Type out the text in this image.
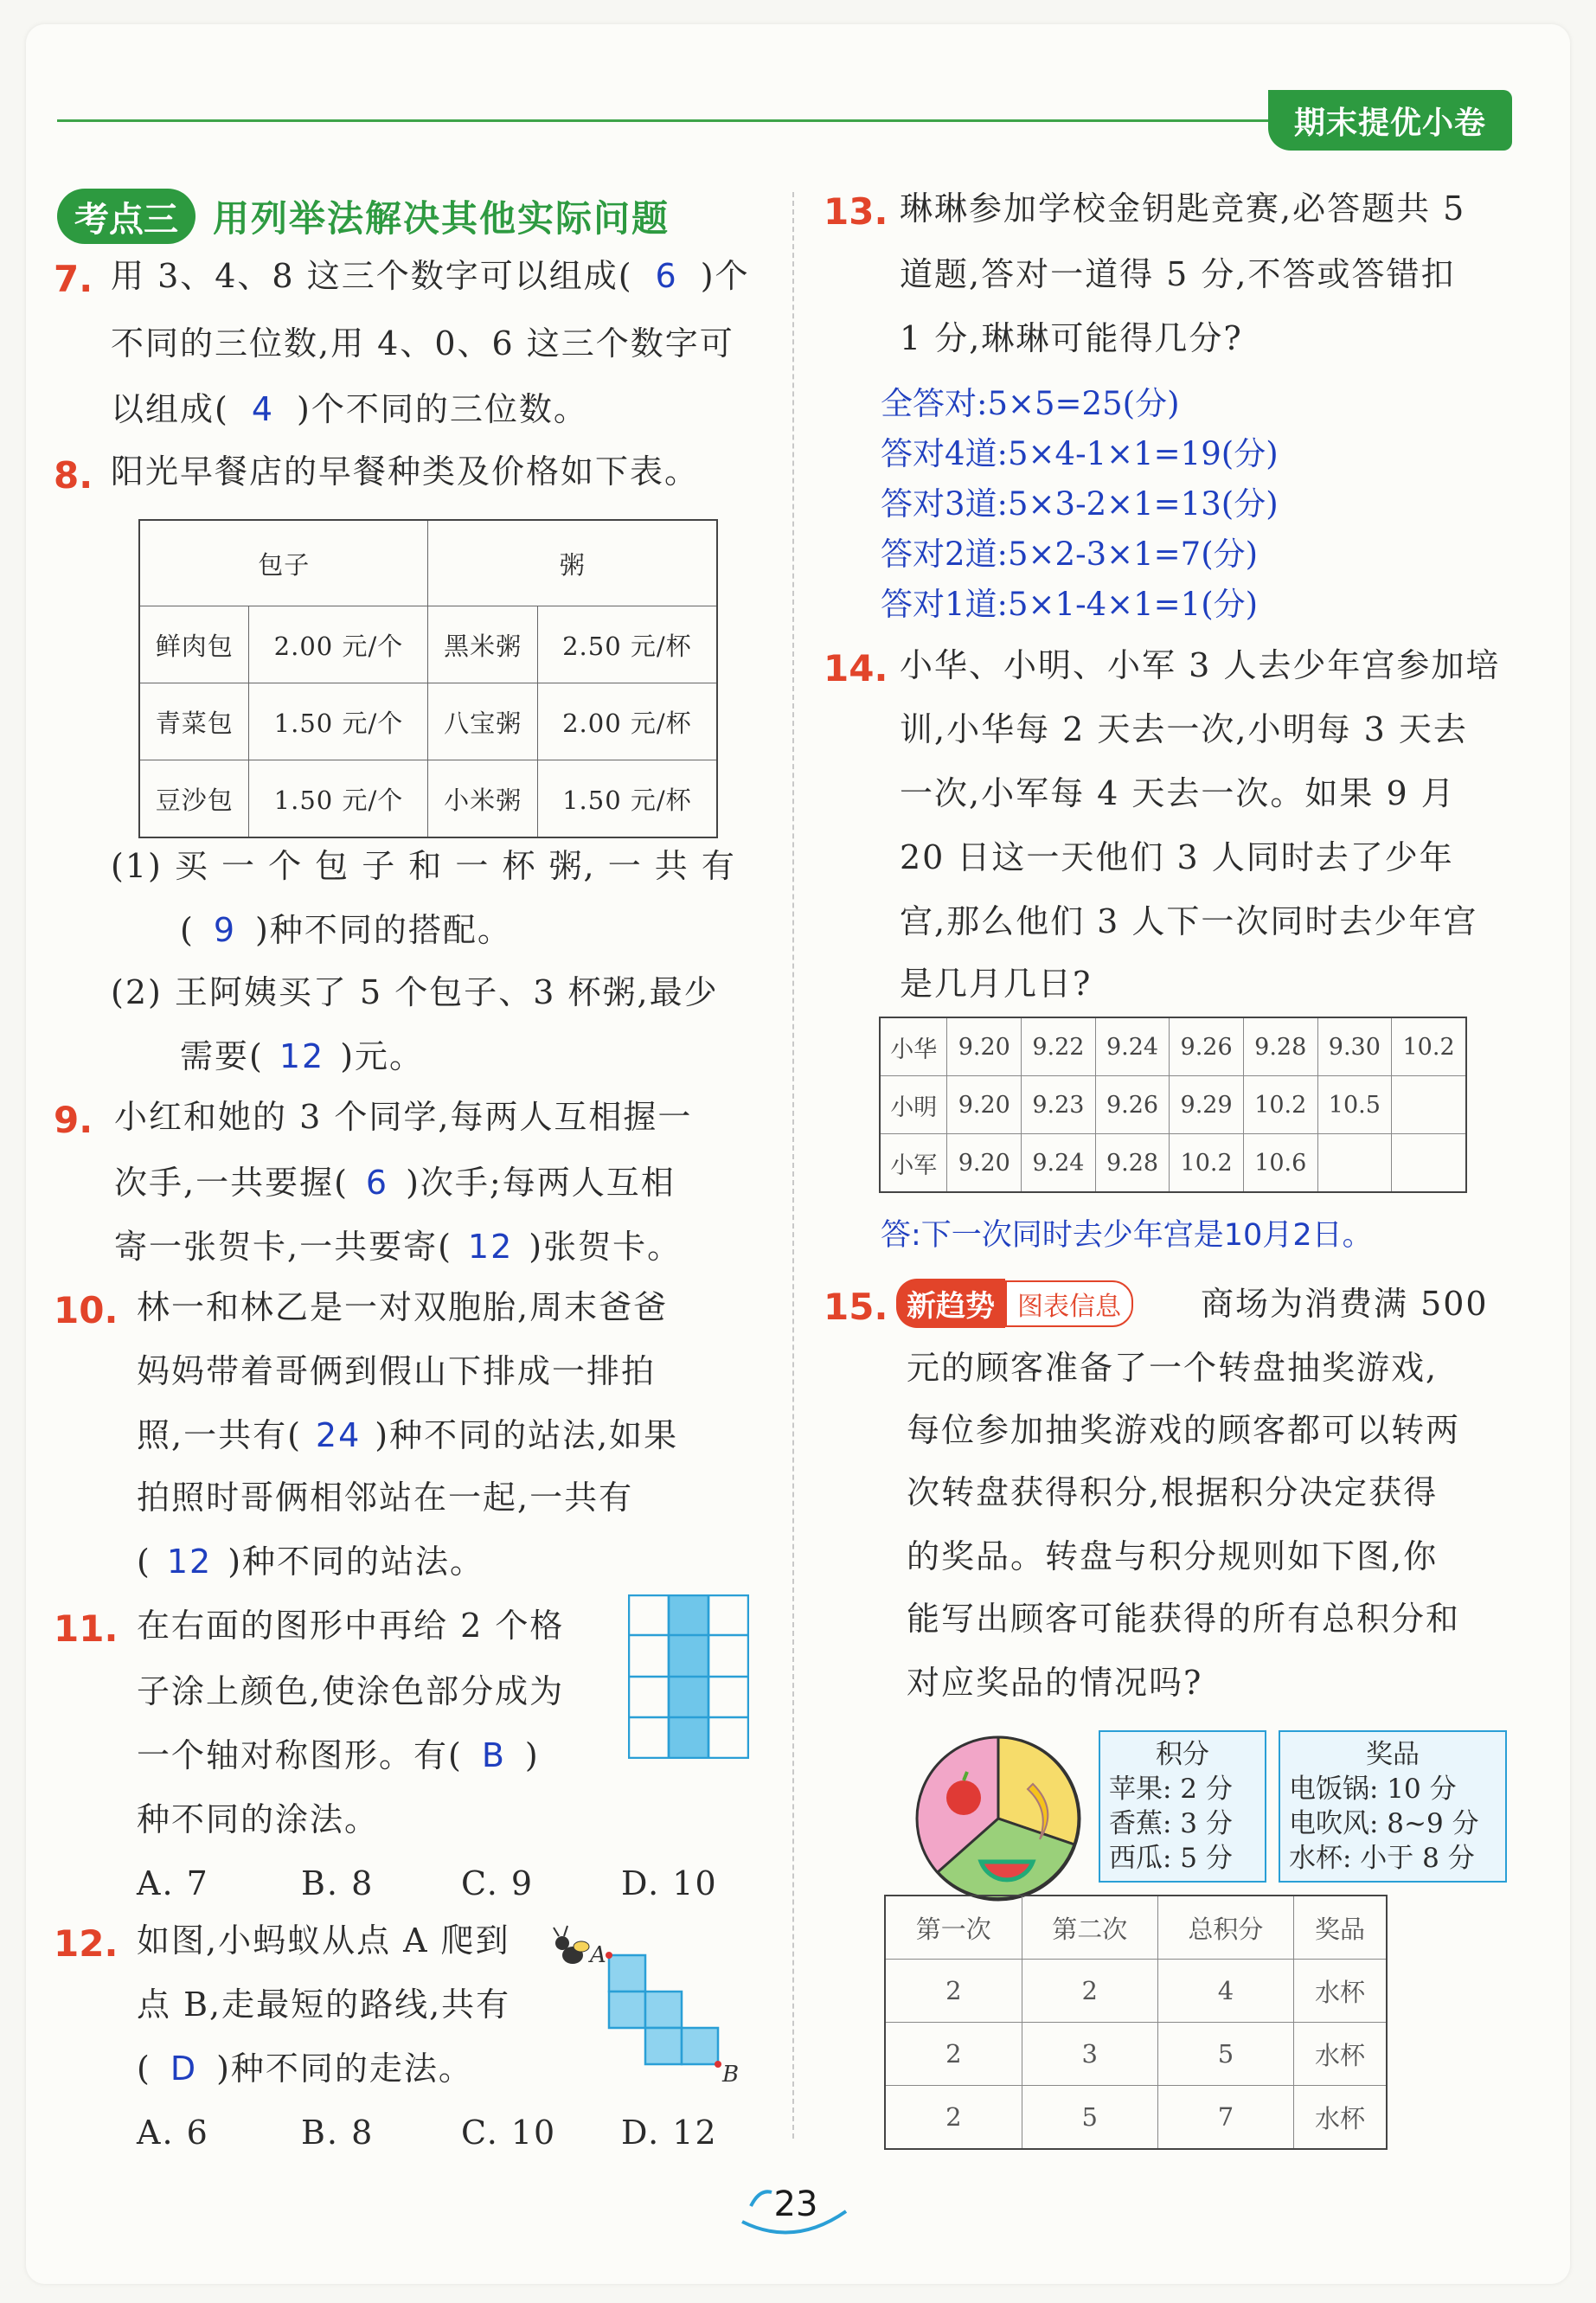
期末提优小卷
考点三 用列举法解决其他实际问题
7. 用 3、4、8 这三个数字可以组成( 6 )个
不同的三位数,用 4、0、6 这三个数字可
以组成( 4 )个不同的三位数。
8. 阳光早餐店的早餐种类及价格如下表。
包子		粥	
鲜肉包	2.00 元/个	黑米粥	2.50 元/杯
青菜包	1.50 元/个	八宝粥	2.00 元/杯
豆沙包	1.50 元/个	小米粥	1.50 元/杯
(1) 买 一 个 包 子 和 一 杯 粥, 一 共 有
( 9 )种不同的搭配。
(2) 王阿姨买了 5 个包子、3 杯粥,最少
需要( 12 )元。
9. 小红和她的 3 个同学,每两人互相握一
次手,一共要握( 6 )次手;每两人互相
寄一张贺卡,一共要寄( 12 )张贺卡。
10. 林一和林乙是一对双胞胎,周末爸爸
妈妈带着哥俩到假山下排成一排拍
照,一共有( 24 )种不同的站法,如果
拍照时哥俩相邻站在一起,一共有
( 12 )种不同的站法。
11. 在右面的图形中再给 2 个格
子涂上颜色,使涂色部分成为
一个轴对称图形。有( B )
种不同的涂法。
A. 7	B. 8	C. 9	D. 10
12. 如图,小蚂蚁从点 A 爬到
点 B,走最短的路线,共有
( D )种不同的走法。
A. 6	B. 8	C. 10 D. 12
A
B
13. 琳琳参加学校金钥匙竞赛,必答题共 5
道题,答对一道得 5 分,不答或答错扣
1 分,琳琳可能得几分?
全答对:5×5=25(分)
答对4道:5×4-1×1=19(分)
答对3道:5×3-2×1=13(分)
答对2道:5×2-3×1=7(分)
答对1道:5×1-4×1=1(分)
14. 小华、小明、小军 3 人去少年宫参加培
训,小华每 2 天去一次,小明每 3 天去
一次,小军每 4 天去一次。如果 9 月
20 日这一天他们 3 人同时去了少年
宫,那么他们 3 人下一次同时去少年宫
是几月几日?
小华	9.20	9.22	9.24	9.26	9.28	9.30	10.2
小明	9.20	9.23	9.26	9.29	10.2	10.5	
小军	9.20	9.24	9.28	10.2	10.6		
答:下一次同时去少年宫是10月2日。
15. 新趋势 图表信息	商场为消费满 500
元的顾客准备了一个转盘抽奖游戏,
每位参加抽奖游戏的顾客都可以转两
次转盘获得积分,根据积分决定获得
的奖品。转盘与积分规则如下图,你
能写出顾客可能获得的所有总积分和
对应奖品的情况吗?
积分
苹果: 2 分
香蕉: 3 分
西瓜: 5 分
奖品
电饭锅: 10 分
电吹风: 8~9 分
水杯: 小于 8 分
第一次	第二次	总积分	奖品
2	2	4	水杯
2	3	5	水杯
2	5	7	水杯
23
